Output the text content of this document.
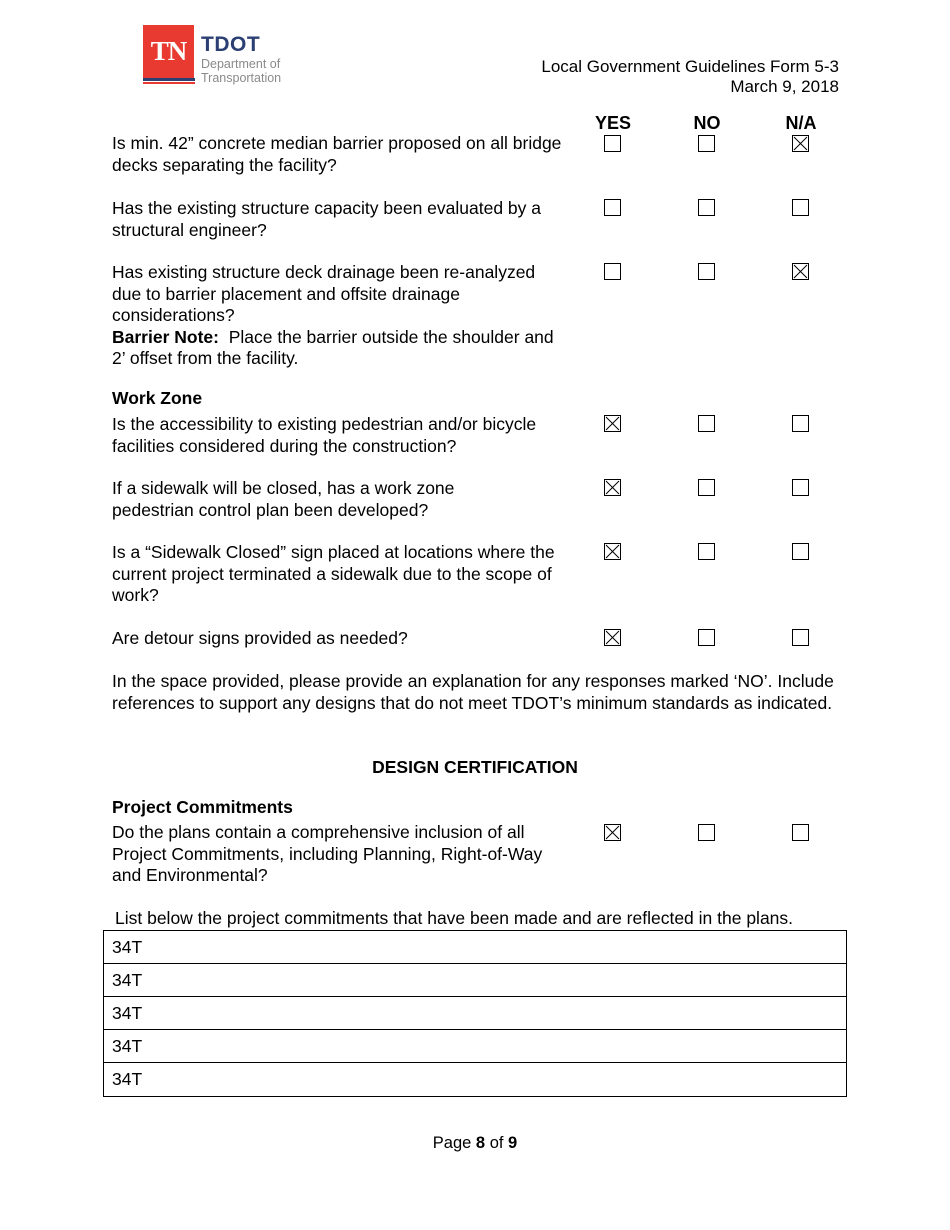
TN TDOT
Department of
Transportation
Local Government Guidelines Form 5-3
March 9, 2018
YES	NO	N/A
Is min. 42” concrete median barrier proposed on all bridge decks separating the facility?
Has the existing structure capacity been evaluated by a structural engineer?
Has existing structure deck drainage been re-analyzed due to barrier placement and offsite drainage considerations?
Barrier Note: Place the barrier outside the shoulder and 2’ offset from the facility.
Work Zone
Is the accessibility to existing pedestrian and/or bicycle facilities considered during the construction?
If a sidewalk will be closed, has a work zone pedestrian control plan been developed?
Is a “Sidewalk Closed” sign placed at locations where the current project terminated a sidewalk due to the scope of work?
Are detour signs provided as needed?
In the space provided, please provide an explanation for any responses marked ‘NO’. Include references to support any designs that do not meet TDOT’s minimum standards as indicated.
DESIGN CERTIFICATION
Project Commitments
Do the plans contain a comprehensive inclusion of all Project Commitments, including Planning, Right-of-Way and Environmental?
List below the project commitments that have been made and are reflected in the plans.
34T
34T
34T
34T
34T
Page 8 of 9
